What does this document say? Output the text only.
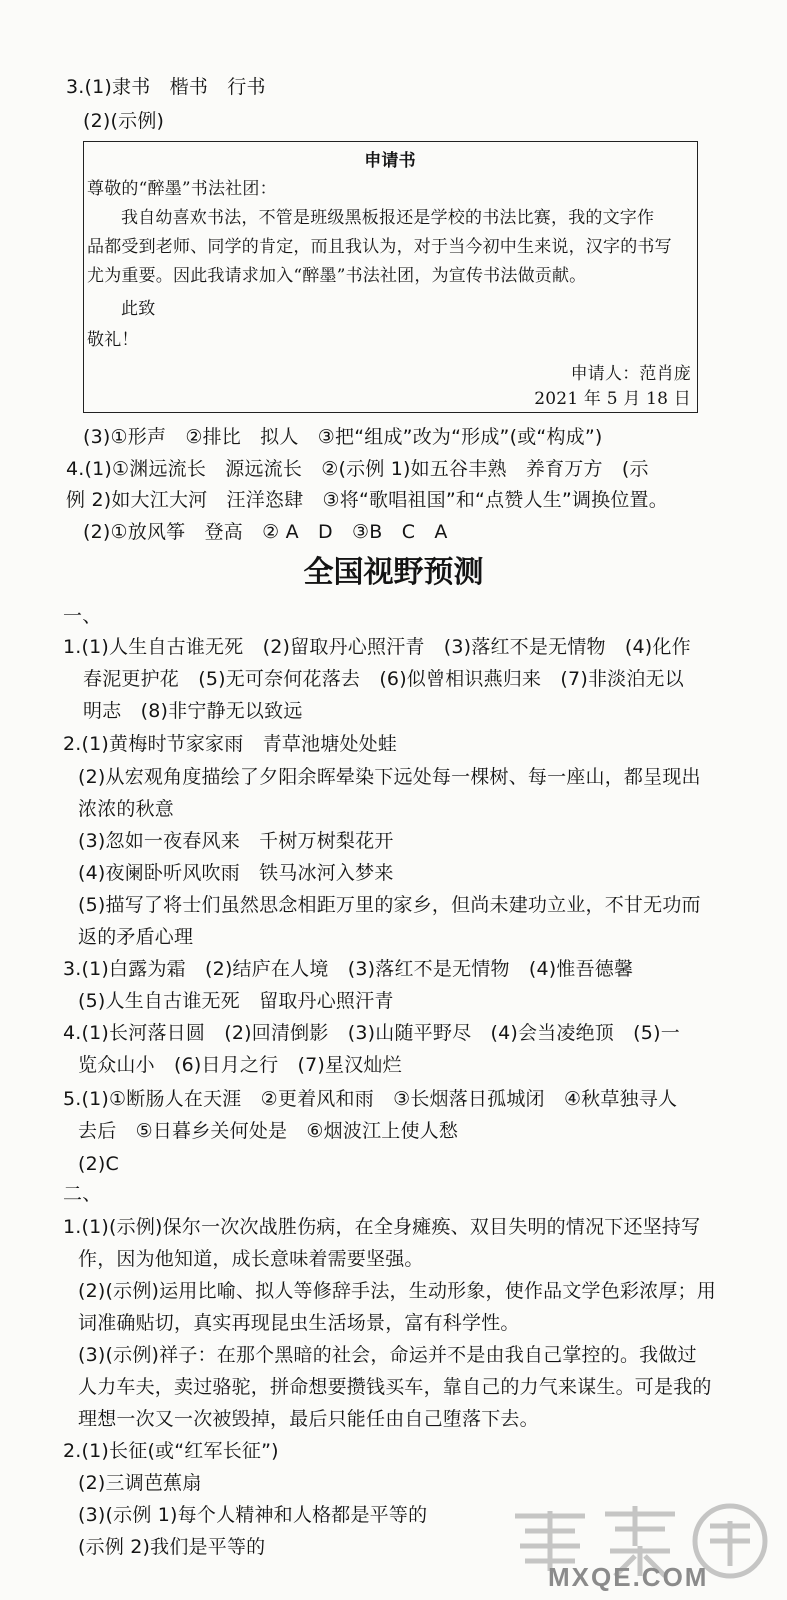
3.(1)隶书　楷书　行书
(2)(示例)
申请书
尊敬的“醉墨”书法社团：
我自幼喜欢书法，不管是班级黑板报还是学校的书法比赛，我的文字作
品都受到老师、同学的肯定，而且我认为，对于当今初中生来说，汉字的书写
尤为重要。因此我请求加入“醉墨”书法社团，为宣传书法做贡献。
此致
敬礼！
申请人：范肖庞
2021 年 5 月 18 日
(3)①形声　②排比　拟人　③把“组成”改为“形成”(或“构成”)
4.(1)①渊远流长　源远流长　②(示例 1)如五谷丰熟　养育万方　(示
例 2)如大江大河　汪洋恣肆　③将“歌唱祖国”和“点赞人生”调换位置。
(2)①放风筝　登高　② A　D　③B　C　A
全国视野预测
一、
1.(1)人生自古谁无死　(2)留取丹心照汗青　(3)落红不是无情物　(4)化作
春泥更护花　(5)无可奈何花落去　(6)似曾相识燕归来　(7)非淡泊无以
明志　(8)非宁静无以致远
2.(1)黄梅时节家家雨　青草池塘处处蛙
(2)从宏观角度描绘了夕阳余晖晕染下远处每一棵树、每一座山，都呈现出
浓浓的秋意
(3)忽如一夜春风来　千树万树梨花开
(4)夜阑卧听风吹雨　铁马冰河入梦来
(5)描写了将士们虽然思念相距万里的家乡，但尚未建功立业，不甘无功而
返的矛盾心理
3.(1)白露为霜　(2)结庐在人境　(3)落红不是无情物　(4)惟吾德馨
(5)人生自古谁无死　留取丹心照汗青
4.(1)长河落日圆　(2)回清倒影　(3)山随平野尽　(4)会当凌绝顶　(5)一
览众山小　(6)日月之行　(7)星汉灿烂
5.(1)①断肠人在天涯　②更着风和雨　③长烟落日孤城闭　④秋草独寻人
去后　⑤日暮乡关何处是　⑥烟波江上使人愁
(2)C
二、
1.(1)(示例)保尔一次次战胜伤病，在全身瘫痪、双目失明的情况下还坚持写
作，因为他知道，成长意味着需要坚强。
(2)(示例)运用比喻、拟人等修辞手法，生动形象，使作品文学色彩浓厚；用
词准确贴切，真实再现昆虫生活场景，富有科学性。
(3)(示例)祥子：在那个黑暗的社会，命运并不是由我自己掌控的。我做过
人力车夫，卖过骆驼，拼命想要攒钱买车，靠自己的力气来谋生。可是我的
理想一次又一次被毁掉，最后只能任由自己堕落下去。
2.(1)长征(或“红军长征”)
(2)三调芭蕉扇
(3)(示例 1)每个人精神和人格都是平等的
(示例 2)我们是平等的
MXQE.COM
